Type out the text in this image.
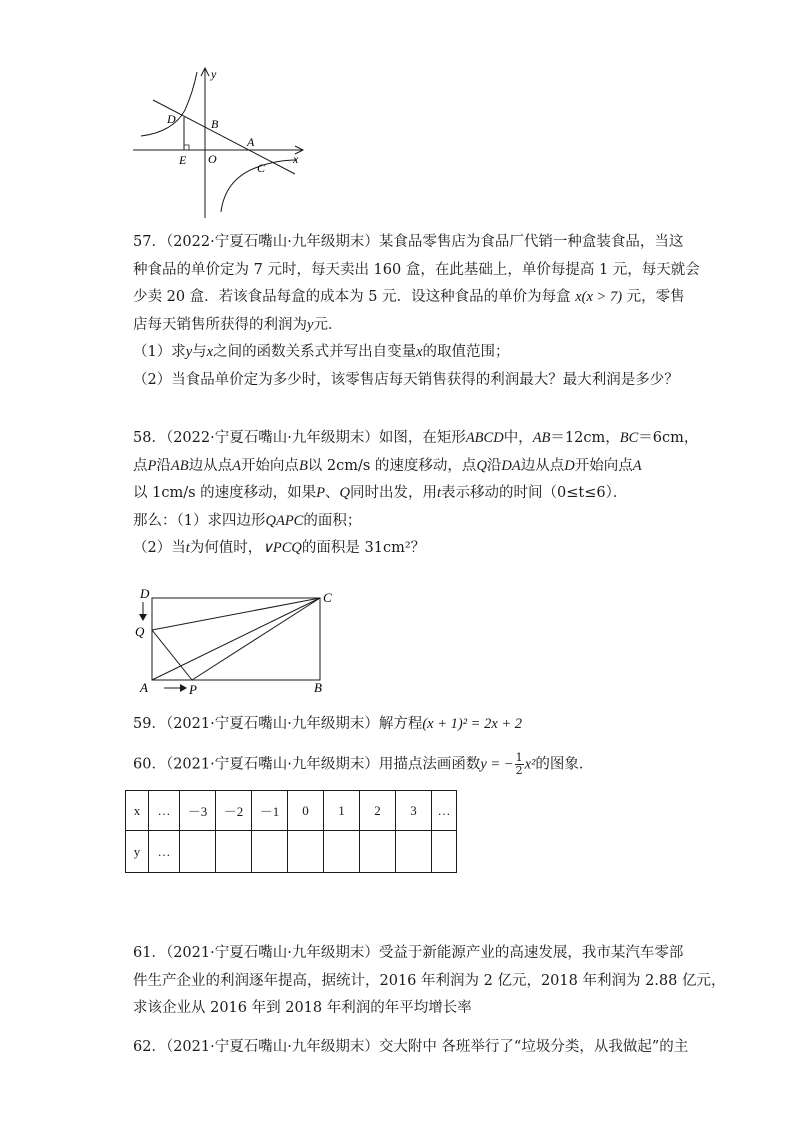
y
x
D	B
A
E O
C
57．（2022·宁夏石嘴山·九年级期末）某食品零售店为食品厂代销一种盒装食品，当这
种食品的单价定为 7 元时，每天卖出 160 盒，在此基础上，单价每提高 1 元，每天就会
少卖 20 盒．若该食品每盒的成本为 5 元．设这种食品的单价为每盒 x(x > 7) 元，零售
店每天销售所获得的利润为y元．
（1）求y与x之间的函数关系式并写出自变量x的取值范围；
（2）当食品单价定为多少时，该零售店每天销售获得的利润最大？最大利润是多少？
58．（2022·宁夏石嘴山·九年级期末）如图，在矩形ABCD中，AB＝12cm，BC＝6cm，
点P沿AB边从点A开始向点B以 2cm/s 的速度移动，点Q沿DA边从点D开始向点A
以 1cm/s 的速度移动，如果P、Q同时出发，用t表示移动的时间（0≤t≤6）．
那么：（1）求四边形QAPC的面积；
（2）当t为何值时，∨PCQ的面积是 31cm²？
D	C
Q
A	P	B
59．（2021·宁夏石嘴山·九年级期末）解方程(x + 1)² = 2x + 2
60．（2021·宁夏石嘴山·九年级期末）用描点法画函数y = − $\frac{1}{2} x^2$的图象．
x	…	－3	－2	－1	0	1	2	3	…
y	…								
61．（2021·宁夏石嘴山·九年级期末）受益于新能源产业的高速发展，我市某汽车零部
件生产企业的利润逐年提高，据统计，2016 年利润为 2 亿元，2018 年利润为 2.88 亿元，
求该企业从 2016 年到 2018 年利润的年平均增长率
62．（2021·宁夏石嘴山·九年级期末）交大附中 各班举行了“垃圾分类，从我做起”的主
